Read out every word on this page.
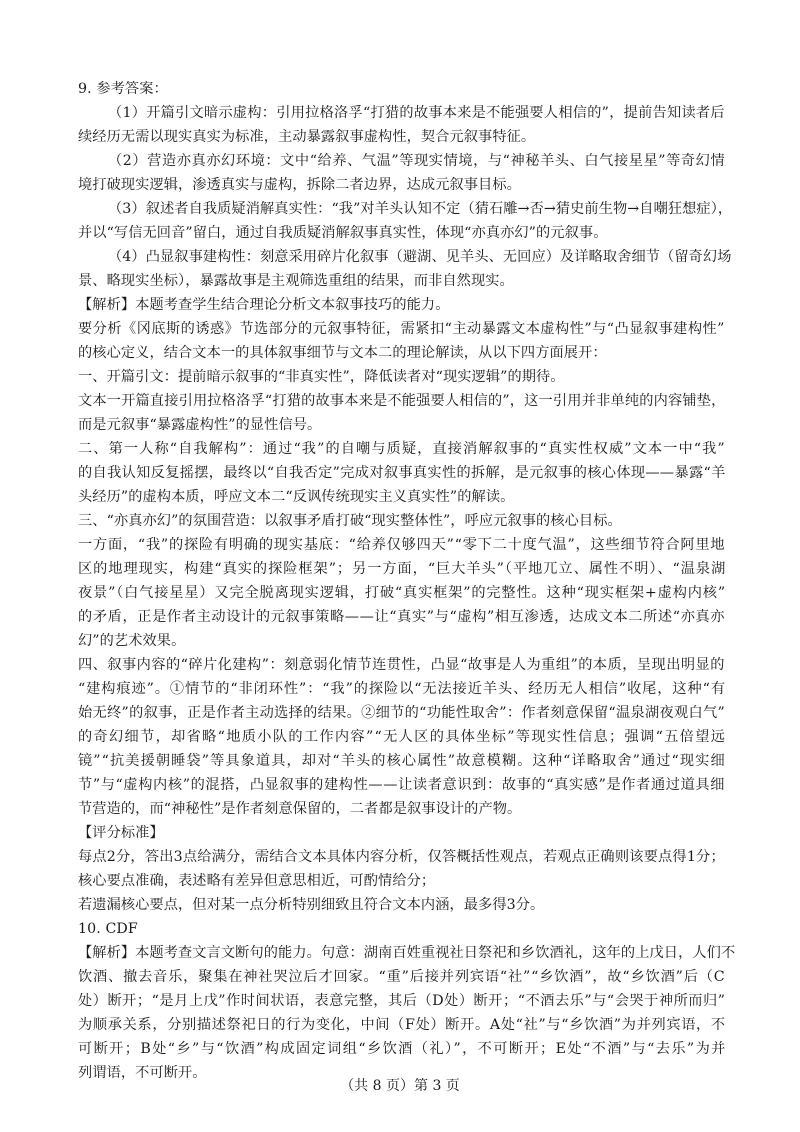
9. 参考答案：
（1）开篇引文暗示虚构：引用拉格洛孚“打猎的故事本来是不能强要人相信的”，提前告知读者后
续经历无需以现实真实为标准，主动暴露叙事虚构性，契合元叙事特征。
（2）营造亦真亦幻环境：文中“给养、气温”等现实情境，与“神秘羊头、白气接星星”等奇幻情
境打破现实逻辑，渗透真实与虚构，拆除二者边界，达成元叙事目标。
（3）叙述者自我质疑消解真实性：“我”对羊头认知不定（猜石雕→否→猜史前生物→自嘲狂想症），
并以“写信无回音”留白，通过自我质疑消解叙事真实性，体现“亦真亦幻”的元叙事。
（4）凸显叙事建构性：刻意采用碎片化叙事（避湖、见羊头、无回应）及详略取舍细节（留奇幻场
景、略现实坐标），暴露故事是主观筛选重组的结果，而非自然现实。
【解析】本题考查学生结合理论分析文本叙事技巧的能力。
要分析《冈底斯的诱惑》节选部分的元叙事特征，需紧扣“主动暴露文本虚构性”与“凸显叙事建构性”
的核心定义，结合文本一的具体叙事细节与文本二的理论解读，从以下四方面展开：
一、开篇引文：提前暗示叙事的“非真实性”，降低读者对“现实逻辑”的期待。
文本一开篇直接引用拉格洛孚“打猎的故事本来是不能强要人相信的”，这一引用并非单纯的内容铺垫，
而是元叙事“暴露虚构性”的显性信号。
二、第一人称“自我解构”：通过“我”的自嘲与质疑，直接消解叙事的“真实性权威”文本一中“我”
的自我认知反复摇摆，最终以“自我否定”完成对叙事真实性的拆解，是元叙事的核心体现——暴露“羊
头经历”的虚构本质，呼应文本二“反讽传统现实主义真实性”的解读。
三、“亦真亦幻”的氛围营造：以叙事矛盾打破“现实整体性”，呼应元叙事的核心目标。
一方面，“我”的探险有明确的现实基底：“给养仅够四天”“零下二十度气温”，这些细节符合阿里地
区的地理现实，构建“真实的探险框架”；另一方面，“巨大羊头”（平地兀立、属性不明）、“温泉湖
夜景”（白气接星星）又完全脱离现实逻辑，打破“真实框架”的完整性。这种“现实框架+虚构内核”
的矛盾，正是作者主动设计的元叙事策略——让“真实”与“虚构”相互渗透，达成文本二所述“亦真亦
幻”的艺术效果。
四、叙事内容的“碎片化建构”：刻意弱化情节连贯性，凸显“故事是人为重组”的本质，呈现出明显的
“建构痕迹”。①情节的“非闭环性”：“我”的探险以“无法接近羊头、经历无人相信”收尾，这种“有
始无终”的叙事，正是作者主动选择的结果。②细节的“功能性取舍”：作者刻意保留“温泉湖夜观白气”
的奇幻细节，却省略“地质小队的工作内容”“无人区的具体坐标”等现实性信息；强调“五倍望远
镜”“抗美援朝睡袋”等具象道具，却对“羊头的核心属性”故意模糊。这种“详略取舍”通过“现实细
节”与“虚构内核”的混搭，凸显叙事的建构性——让读者意识到：故事的“真实感”是作者通过道具细
节营造的，而“神秘性”是作者刻意保留的，二者都是叙事设计的产物。
【评分标准】
每点2分，答出3点给满分，需结合文本具体内容分析，仅答概括性观点，若观点正确则该要点得1分；
核心要点准确，表述略有差异但意思相近，可酌情给分；
若遗漏核心要点，但对某一点分析特别细致且符合文本内涵，最多得3分。
10. CDF
【解析】本题考查文言文断句的能力。句意：湖南百姓重视社日祭祀和乡饮酒礼，这年的上戊日，人们不
饮酒、撤去音乐，聚集在神社哭泣后才回家。“重”后接并列宾语“社”“乡饮酒”，故“乡饮酒”后（C
处）断开；“是月上戊”作时间状语，表意完整，其后（D处）断开；“不酒去乐”与“会哭于神所而归”
为顺承关系，分别描述祭祀日的行为变化，中间（F处）断开。A处“社”与“乡饮酒”为并列宾语，不
可断开；B处“乡”与“饮酒”构成固定词组“乡饮酒（礼）”，不可断开；E处“不酒”与“去乐”为并
列谓语，不可断开。
（共 8 页）第 3 页
